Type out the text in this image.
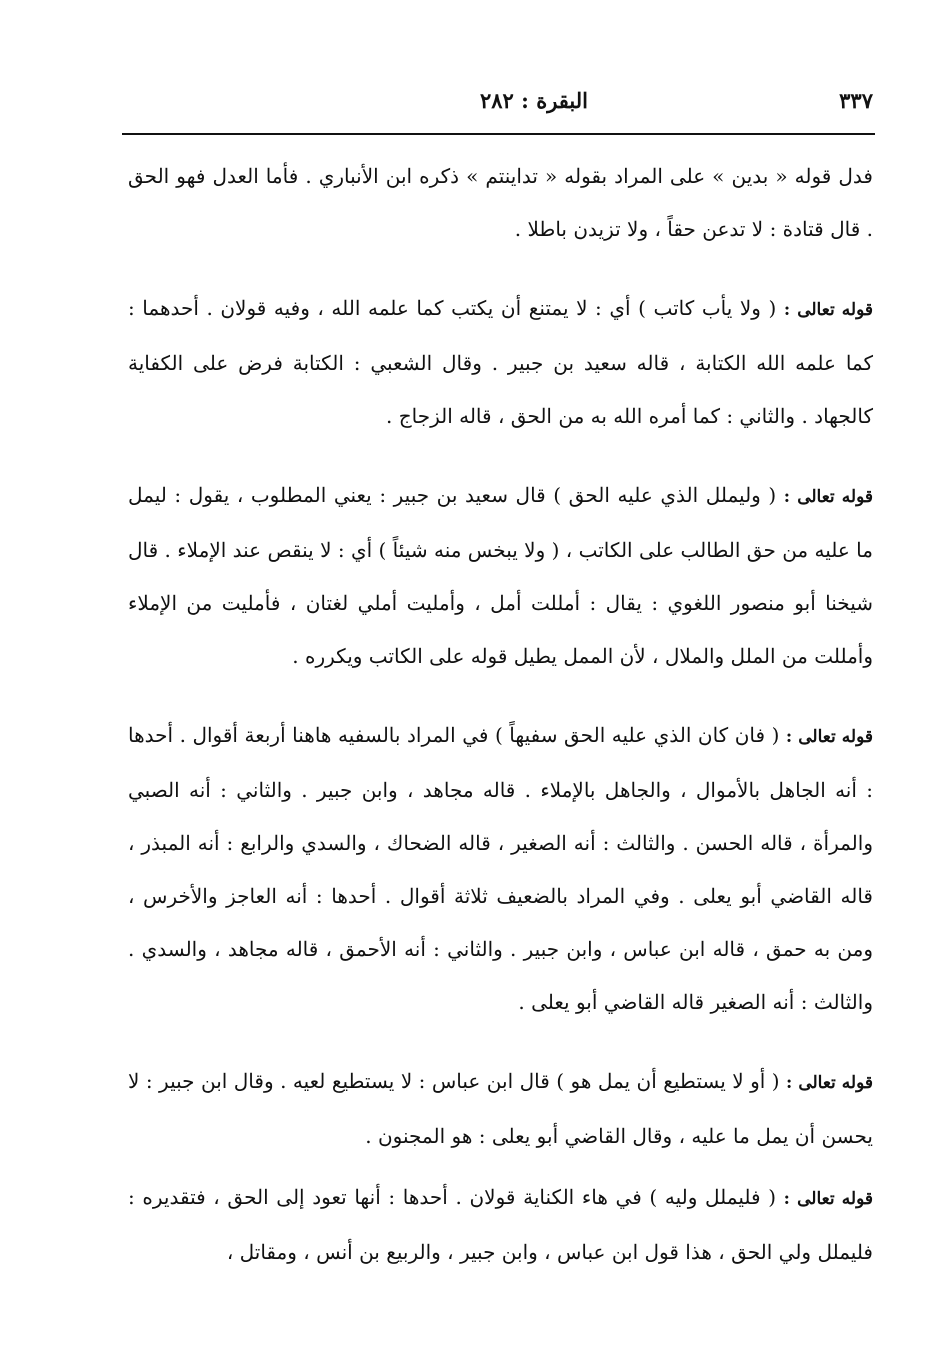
٣٣٧
البقرة : ٢٨٢

فدل قوله « بدين » على المراد بقوله « تداينتم » ذكره ابن الأنباري . فأما العدل فهو الحق . قال قتادة : لا تدعن حقاً ، ولا تزيدن باطلا .

قوله تعالى : ( ولا يأب كاتب ) أي : لا يمتنع أن يكتب كما علمه الله ، وفيه قولان . أحدهما : كما علمه الله الكتابة ، قاله سعيد بن جبير . وقال الشعبي : الكتابة فرض على الكفاية كالجهاد . والثاني : كما أمره الله به من الحق ، قاله الزجاج .

قوله تعالى : ( وليملل الذي عليه الحق ) قال سعيد بن جبير : يعني المطلوب ، يقول : ليمل ما عليه من حق الطالب على الكاتب ، ( ولا يبخس منه شيئاً ) أي : لا ينقص عند الإملاء . قال شيخنا أبو منصور اللغوي : يقال : أمللت أمل ، وأمليت أملي لغتان ، فأمليت من الإملاء وأمللت من الملل والملال ، لأن الممل يطيل قوله على الكاتب ويكرره .

قوله تعالى : ( فان كان الذي عليه الحق سفيهاً ) في المراد بالسفيه هاهنا أربعة أقوال . أحدها : أنه الجاهل بالأموال ، والجاهل بالإملاء . قاله مجاهد ، وابن جبير . والثاني : أنه الصبي والمرأة ، قاله الحسن . والثالث : أنه الصغير ، قاله الضحاك ، والسدي والرابع : أنه المبذر ، قاله القاضي أبو يعلى . وفي المراد بالضعيف ثلاثة أقوال . أحدها : أنه العاجز والأخرس ، ومن به حمق ، قاله ابن عباس ، وابن جبير . والثاني : أنه الأحمق ، قاله مجاهد ، والسدي . والثالث : أنه الصغير قاله القاضي أبو يعلى .

قوله تعالى : ( أو لا يستطيع أن يمل هو ) قال ابن عباس : لا يستطيع لعيه . وقال ابن جبير : لا يحسن أن يمل ما عليه ، وقال القاضي أبو يعلى : هو المجنون .

قوله تعالى : ( فليملل وليه ) في هاء الكناية قولان . أحدها : أنها تعود إلى الحق ، فتقديره : فليملل ولي الحق ، هذا قول ابن عباس ، وابن جبير ، والربيع بن أنس ، ومقاتل ،
